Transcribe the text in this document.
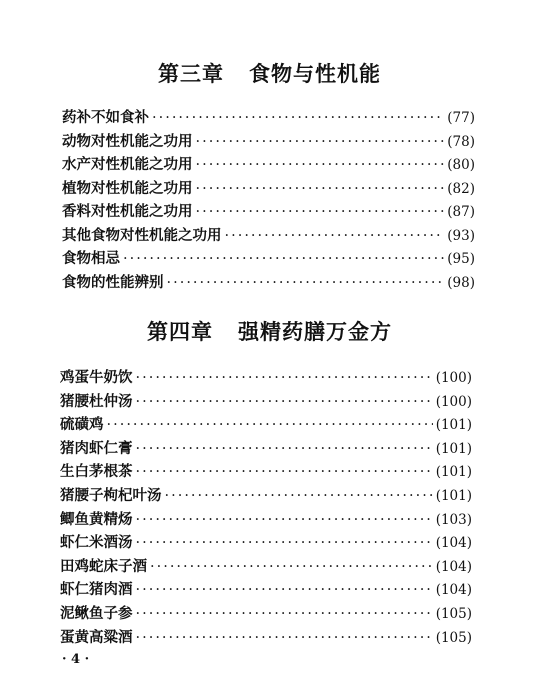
第三章   食物与性机能
药补不如食补 ·····	(77)
动物对性机能之功用 ·····	(78)
水产对性机能之功用 ·····	(80)
植物对性机能之功用 ·····	(82)
香料对性机能之功用 ·····	(87)
其他食物对性机能之功用 ·····	(93)
食物相忌 ·····	(95)
食物的性能辨别 ·····	(98)
第四章   强精药膳万金方
鸡蛋牛奶饮 ·····	(100)
猪腰杜仲汤 ·····	(100)
硫磺鸡 ·····	(101)
猪肉虾仁膏 ·····	(101)
生白茅根茶 ·····	(101)
猪腰子枸杞叶汤 ·····	(101)
鲫鱼黄精炀 ·····	(103)
虾仁米酒汤 ·····	(104)
田鸡蛇床子酒 ·····	(104)
虾仁猪肉酒 ·····	(104)
泥鳅鱼子参 ·····	(105)
蛋黄高粱酒 ·····	(105)
· 4 ·
